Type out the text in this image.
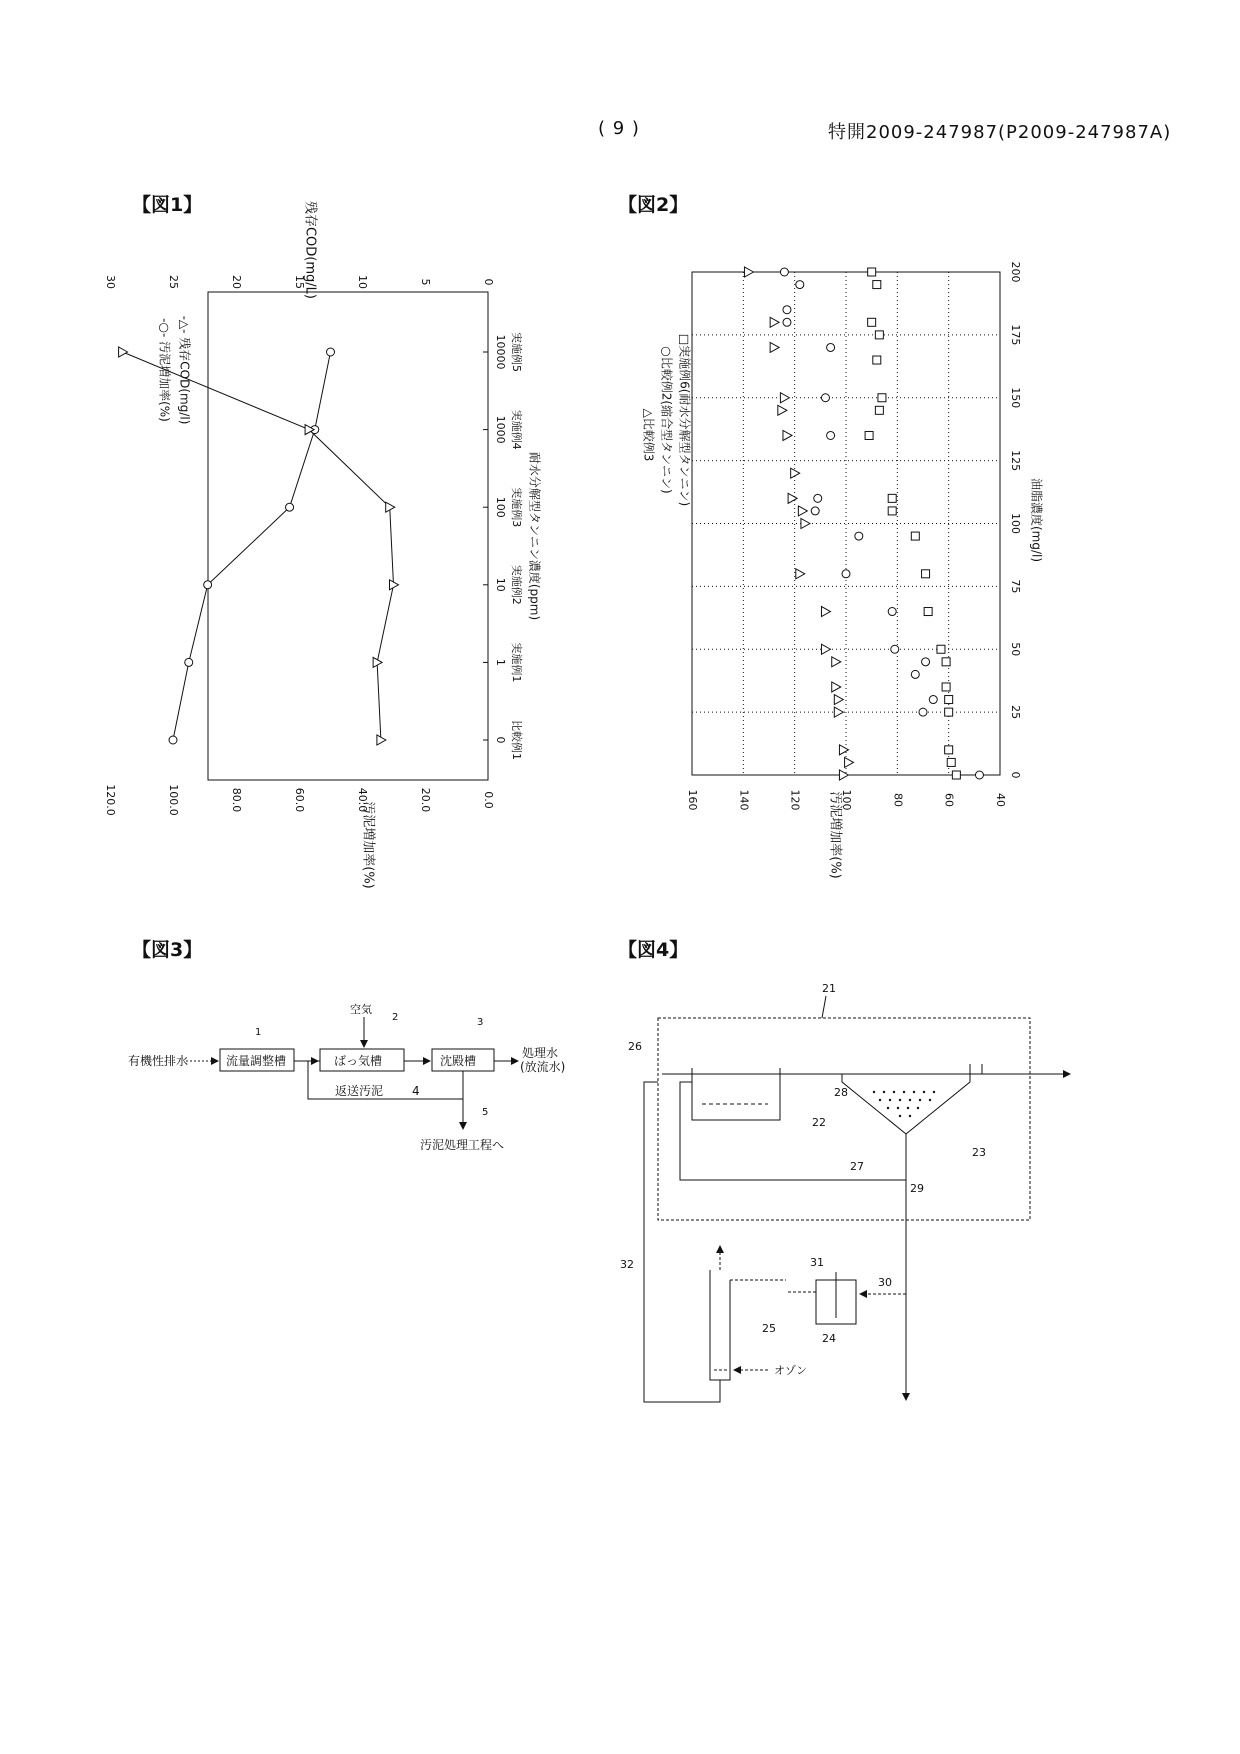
( 9 )	特開2009-247987(P2009-247987A)
【図1】	【図2】
【図3】	【図4】
0 比較例1
1 実施例1
10 実施例2
100 実施例3
1000 実施例4
10000 実施例5
耐水分解型タンニン濃度(ppm)
0.0
20.0
40.0
60.0
80.0
100.0
120.0
汚泥増加率(%)
0
5
10
15
20
25
30	残存COD(mg/L)
-○- 汚泥増加率(%) -△- 残存COD(mg/l)
0
25
50
75
100
125
150
175
200
40
60
80
100
120
140
160
油脂濃度(mg/l)
汚泥増加率(%)
△比較例3 ○比較例2(縮合型タンニン) □実施例6(耐水分解型タンニン)
有機性排水	流量調整槽
1
ばっ気槽
空気
2
沈殿槽
3
処理水
(放流水)
返送汚泥 4
5
汚泥処理工程へ
21
22
23
28
26
27
29
30
24
31
オゾン
25
32
